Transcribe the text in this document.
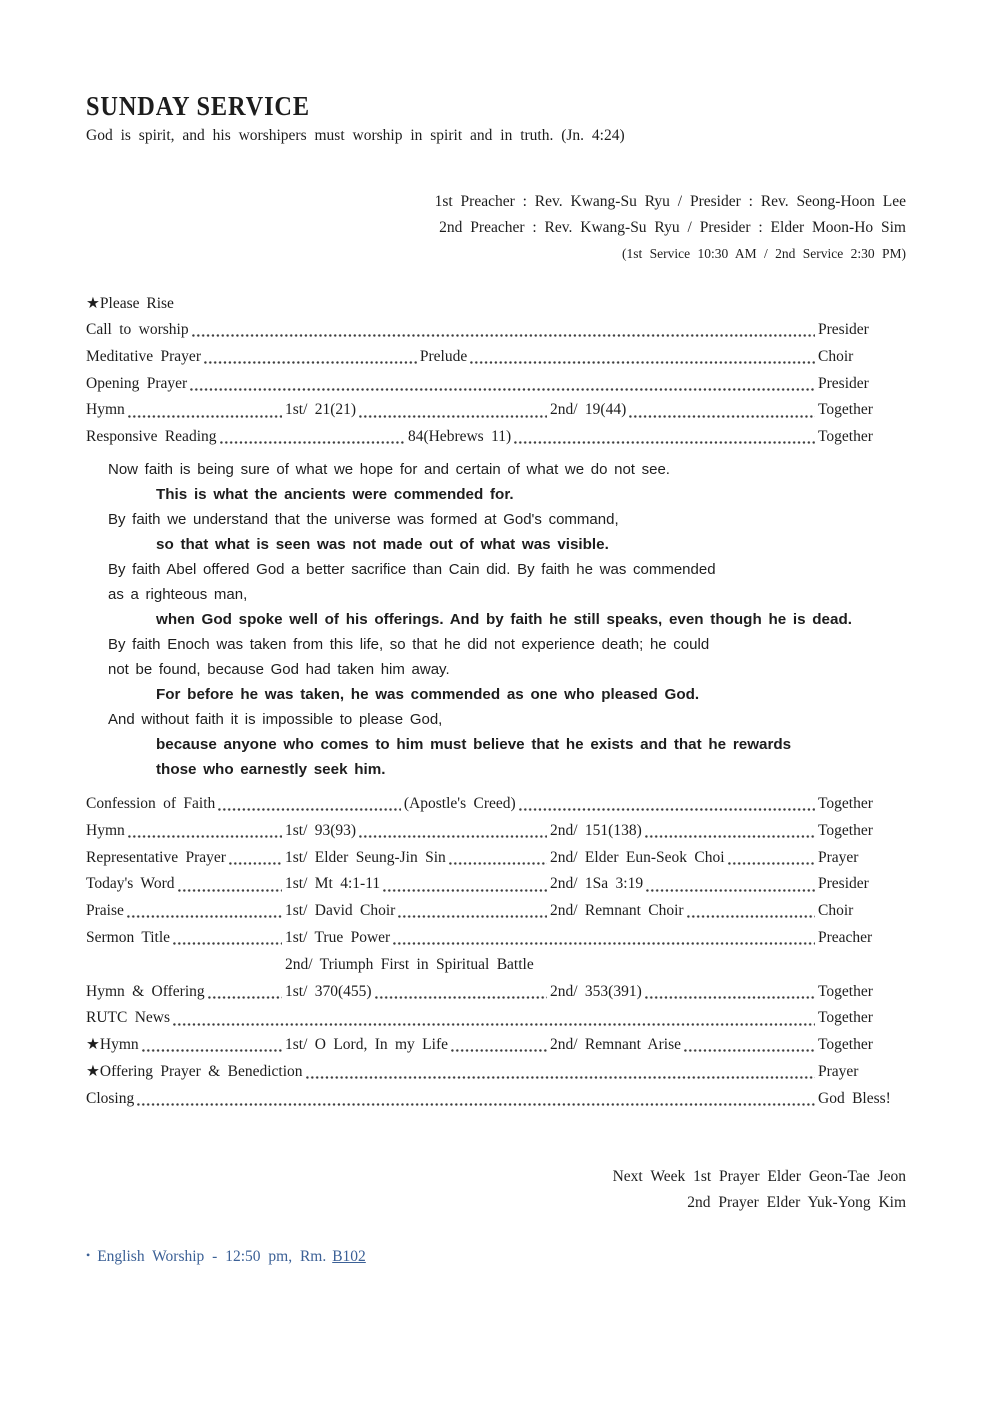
SUNDAY SERVICE
God is spirit, and his worshipers must worship in spirit and in truth. (Jn. 4:24)
1st Preacher : Rev. Kwang-Su Ryu / Presider : Rev. Seong-Hoon Lee
2nd Preacher : Rev. Kwang-Su Ryu / Presider : Elder Moon-Ho Sim
(1st Service 10:30 AM / 2nd Service 2:30 PM)
★Please Rise
Call to worship	Presider
Meditative Prayer	Prelude	Choir
Opening Prayer	Presider
Hymn	1st/ 21(21)	2nd/ 19(44)	Together
Responsive Reading	84(Hebrews 11)	Together
Now faith is being sure of what we hope for and certain of what we do not see.
This is what the ancients were commended for.
By faith we understand that the universe was formed at God's command,
so that what is seen was not made out of what was visible.
By faith Abel offered God a better sacrifice than Cain did. By faith he was commended
as a righteous man,
when God spoke well of his offerings. And by faith he still speaks, even though he is dead.
By faith Enoch was taken from this life, so that he did not experience death; he could
not be found, because God had taken him away.
For before he was taken, he was commended as one who pleased God.
And without faith it is impossible to please God,
because anyone who comes to him must believe that he exists and that he rewards
those who earnestly seek him.
Confession of Faith	(Apostle's Creed)	Together
Hymn	1st/ 93(93)	2nd/ 151(138)	Together
Representative Prayer	1st/ Elder Seung-Jin Sin	2nd/ Elder Eun-Seok Choi	Prayer
Today's Word	1st/ Mt 4:1-11	2nd/ 1Sa 3:19	Presider
Praise	1st/ David Choir	2nd/ Remnant Choir	Choir
Sermon Title	1st/ True Power	Preacher
2nd/ Triumph First in Spiritual Battle
Hymn & Offering	1st/ 370(455)	2nd/ 353(391)	Together
RUTC News	Together
★Hymn	1st/ O Lord, In my Life	2nd/ Remnant Arise	Together
★Offering Prayer & Benediction	Prayer
Closing	God Bless!
Next Week 1st Prayer Elder Geon-Tae Jeon
2nd Prayer Elder Yuk-Yong Kim
• English Worship - 12:50 pm, Rm. B102
